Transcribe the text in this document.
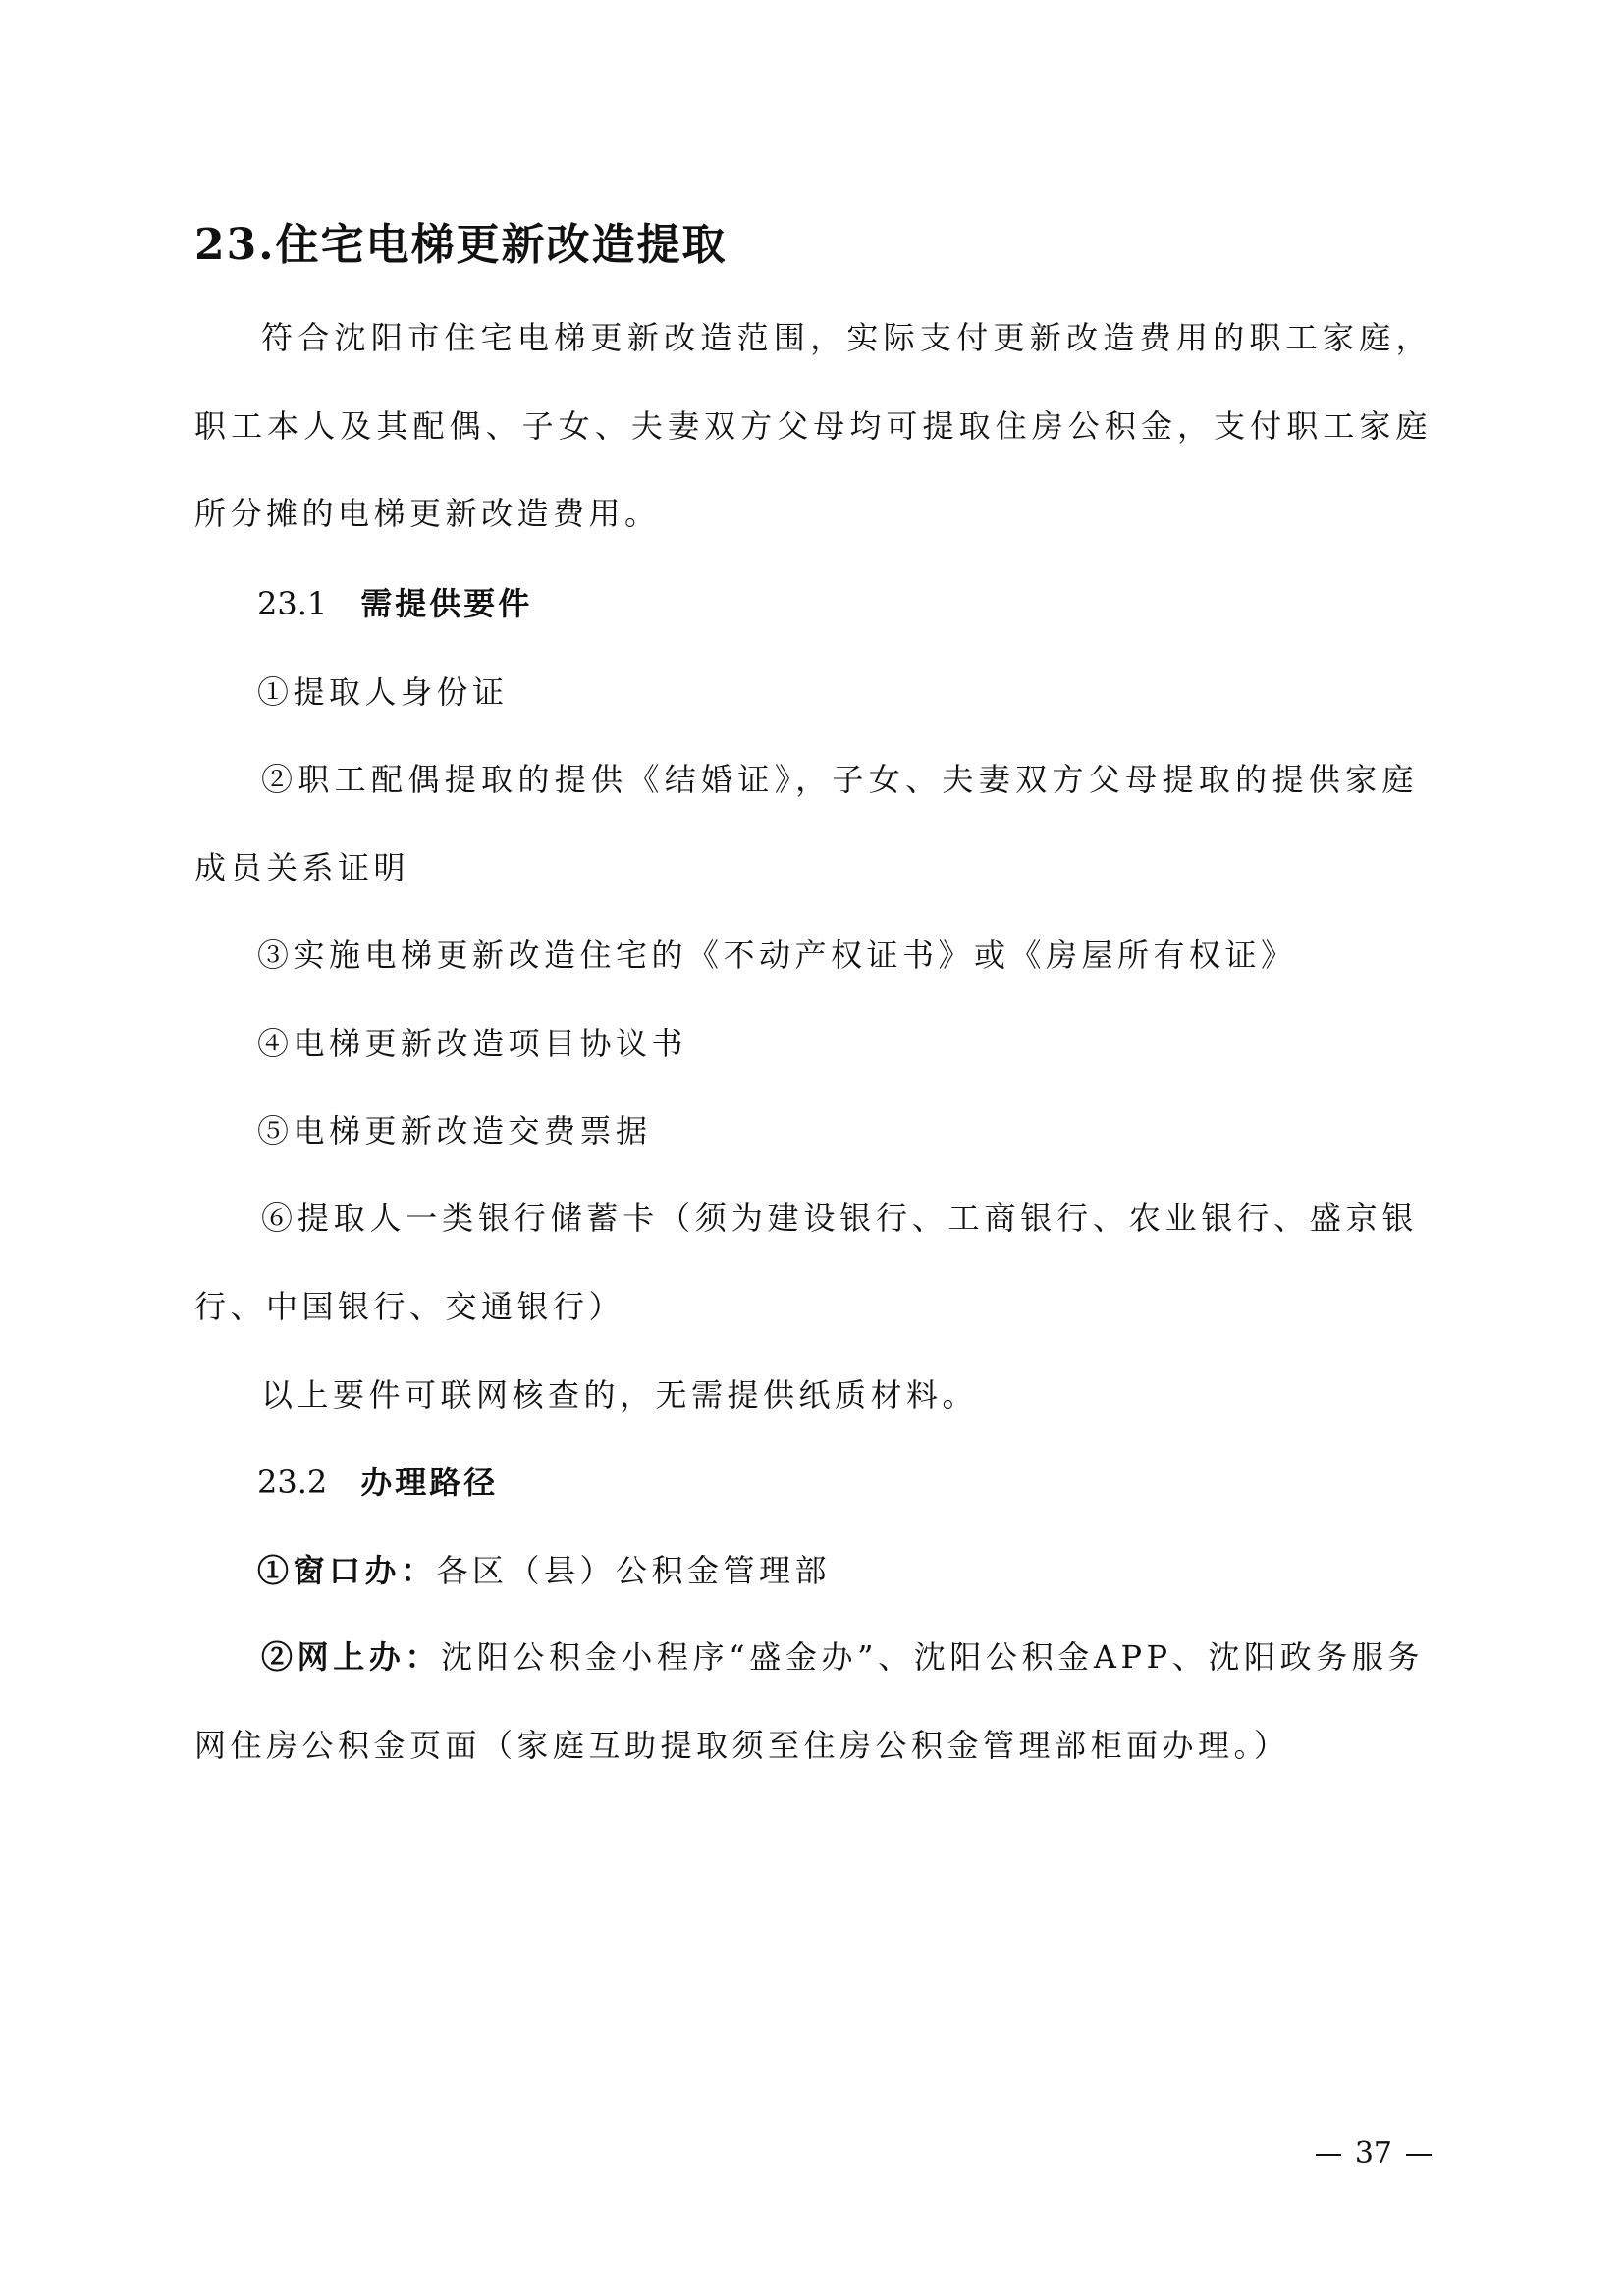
23.住宅电梯更新改造提取

符合沈阳市住宅电梯更新改造范围，实际支付更新改造费用的职工家庭，职工本人及其配偶、子女、夫妻双方父母均可提取住房公积金，支付职工家庭所分摊的电梯更新改造费用。

23.1 需提供要件
①提取人身份证

②职工配偶提取的提供《结婚证》，子女、夫妻双方父母提取的提供家庭成员关系证明

③实施电梯更新改造住宅的《不动产权证书》或《房屋所有权证》
④电梯更新改造项目协议书
⑤电梯更新改造交费票据

⑥提取人一类银行储蓄卡（须为建设银行、工商银行、农业银行、盛京银行、中国银行、交通银行）

以上要件可联网核查的，无需提供纸质材料。
23.2 办理路径
①窗口办：各区（县）公积金管理部

②网上办：沈阳公积金小程序“盛金办”、沈阳公积金APP、沈阳政务服务网住房公积金页面（家庭互助提取须至住房公积金管理部柜面办理。）

37
